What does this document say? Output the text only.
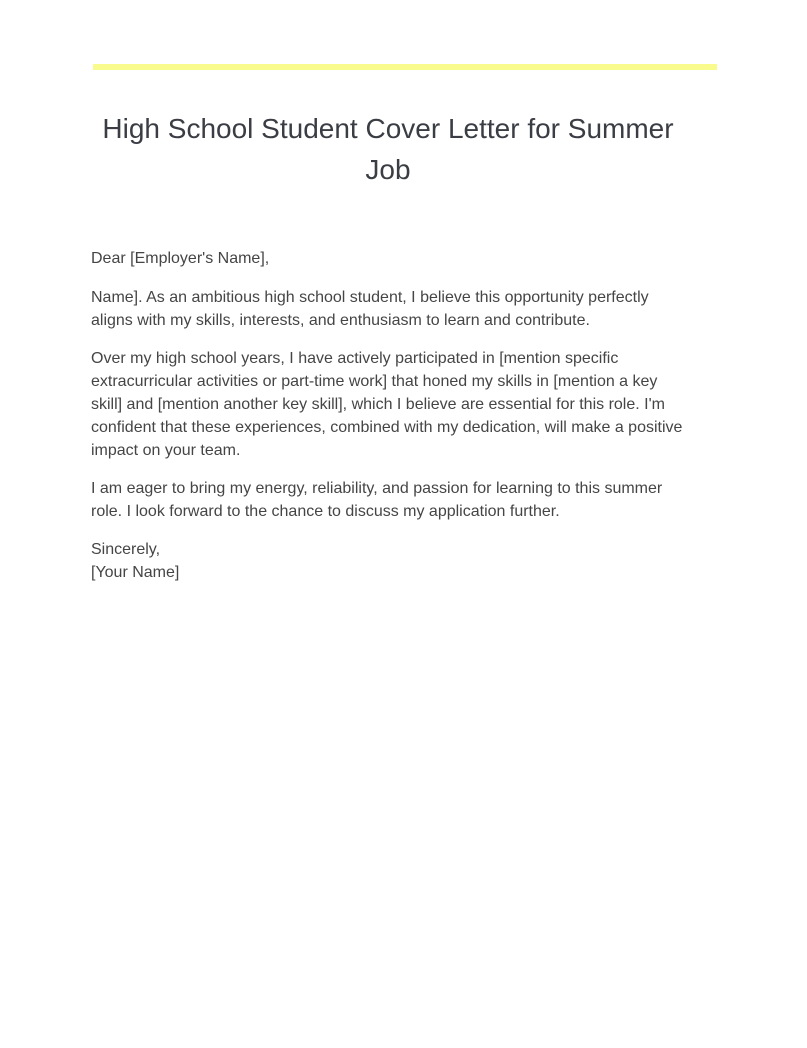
High School Student Cover Letter for Summer Job

Dear [Employer's Name],

Name]. As an ambitious high school student, I believe this opportunity perfectly aligns with my skills, interests, and enthusiasm to learn and contribute.

Over my high school years, I have actively participated in [mention specific extracurricular activities or part-time work] that honed my skills in [mention a key skill] and [mention another key skill], which I believe are essential for this role. I'm confident that these experiences, combined with my dedication, will make a positive impact on your team.

I am eager to bring my energy, reliability, and passion for learning to this summer role. I look forward to the chance to discuss my application further.

Sincerely,
[Your Name]
